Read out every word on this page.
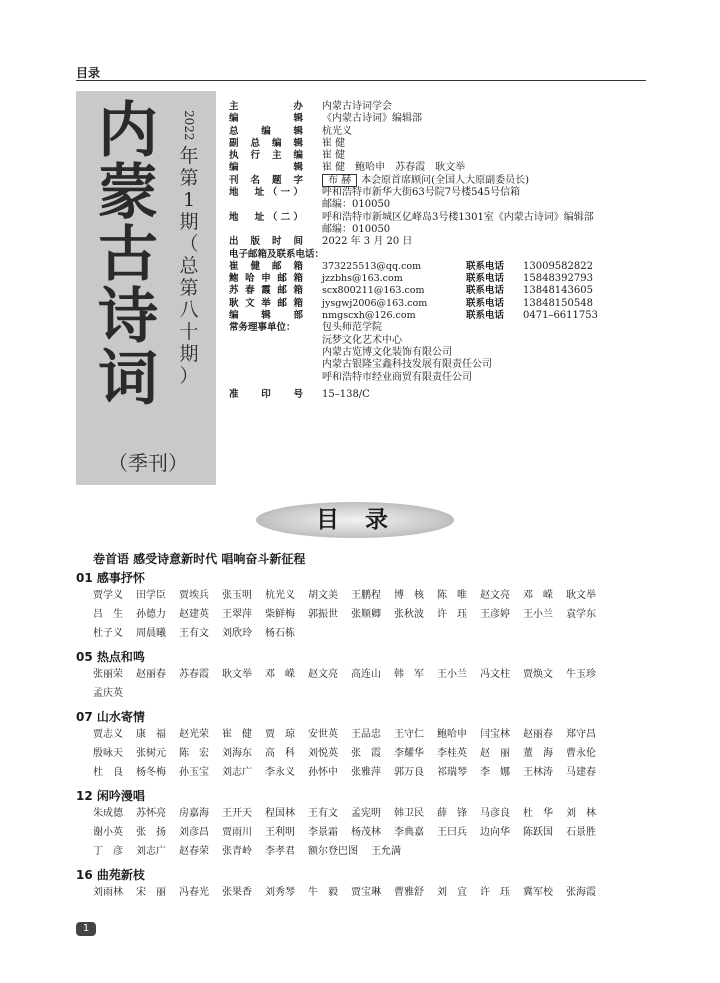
目录
内
蒙
古
诗
词
2022
年
第
1
期
（
总
第
八
十
期
）
（季刊）
主办 内蒙古诗词学会
编辑 《内蒙古诗词》编辑部
总编辑 杭光义
副总编辑 崔 健
执行主编 崔 健
编辑 崔 健　鲍哈申　苏春霞　耿文举
刊名题字	布 赫 本会原首席顾问(全国人大原副委员长)
地　址（一） 呼和浩特市新华大街63号院7号楼545号信箱
邮编：010050
地　址（二） 呼和浩特市新城区亿峰岛3号楼1301室《内蒙古诗词》编辑部
邮编：010050
出版时间 2022 年 3 月 20 日
电子邮箱及联系电话：
崔健邮箱 373225513@qq.com	联系电话 13009582822
鲍哈申邮箱 jzzbhs@163.com	联系电话 15848392793
苏春霞邮箱 scx800211@163.com	联系电话 13848143605
耿文举邮箱 jysgwj2006@163.com	联系电话 13848150548
编辑部 nmgscxh@126.com	联系电话 0471–6611753
常务理事单位：	包头师范学院
沅梦文化艺术中心
内蒙古览博文化装饰有限公司
内蒙古银隆宝鑫科技发展有限责任公司
呼和浩特市经业商贸有限责任公司
准印号 15–138/C
目录
卷首语 感受诗意新时代 唱响奋斗新征程
01 感事抒怀
贾学义 田学臣 贾埃兵 张玉明 杭光义 胡文美 王鹏程 博　核 陈　唯 赵文亮 邓　嵘 耿文举
吕　生 孙德力 赵建英 王翠萍 柴鲜梅 郭振世 张顺卿 张秋波 许　珏 王彦婷 王小兰 袁学东
杜子义 周晨曦 王有文 刘欣玲 杨石栋
05 热点和鸣
张丽荣 赵丽春 苏春霞 耿文举 邓　嵘 赵文亮 高连山 韩　军 王小兰 冯文柱 贾焕文 牛玉珍
孟庆英
07 山水寄情
贾志义 康　福 赵光荣 崔　健 贾　琼 安世英 王品忠 王守仁 鲍哈申 闫宝林 赵丽春 郑守昌
殷咏天 张树元 陈　宏 刘海东 高　科 刘悦英 张　霞 李耀华 李桂英 赵　丽 董　海 曹永伦
杜　良 杨冬梅 孙玉宝 刘志广 李永义 孙怀中 张雅萍 郭万良 祁瑞琴 李　娜 王林涛 马建春
12 闲吟漫唱
朱成德 苏怀亮 房嘉海 王开天 程国林 王有文 孟宪明 韩卫民 薛　锋 马彦良 杜　华 刘　林
谢小英 张　扬 刘彦昌 贾雨川 王利明 李景霜 杨茂林 李典嘉 王曰兵 边向华 陈跃国 石景胜
丁　彦 刘志广 赵春荣 张青岭 李孝君 额尔登巴图 王允满
16 曲苑新枝
刘雨林 宋　丽 冯春光 张果香 刘秀琴 牛　毅 贾宝琳 曹雅舒 刘　宜 许　珏 冀军校 张海霞
1
